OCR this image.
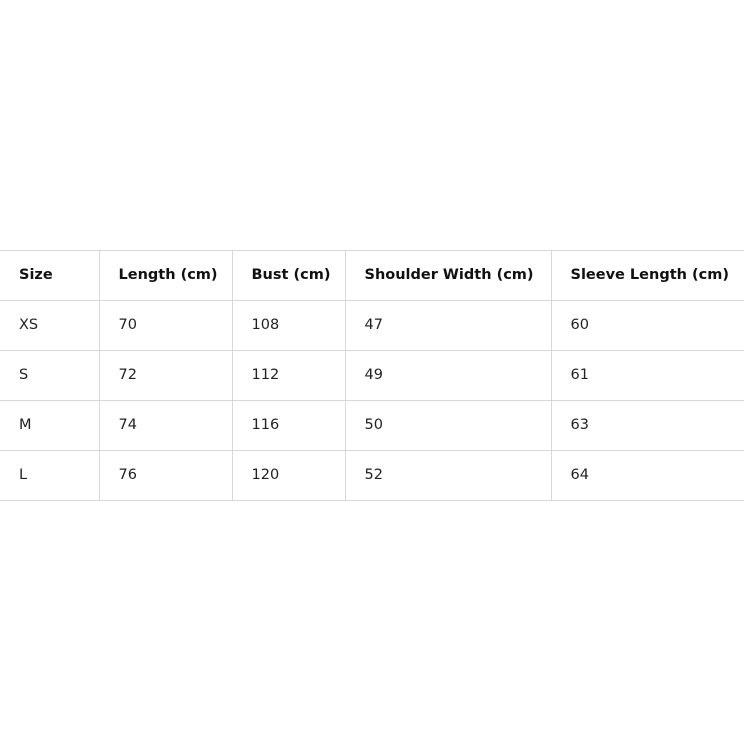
Size	Length (cm)	Bust (cm)	Shoulder Width (cm)	Sleeve Length (cm)
XS	70	108	47	60
S	72	112	49	61
M	74	116	50	63
L	76	120	52	64
